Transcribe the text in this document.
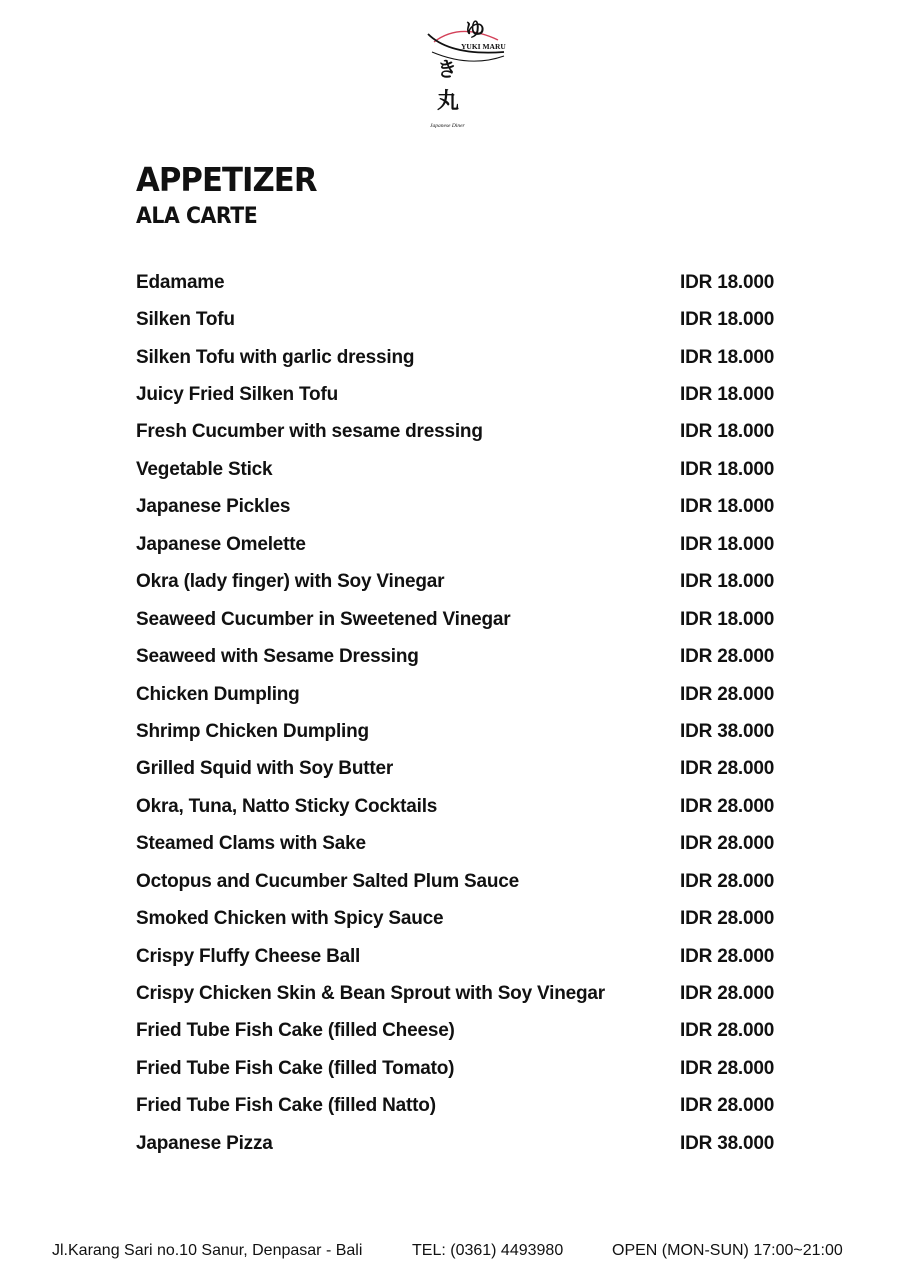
ゆ
YUKI MARU
き
丸
Japanese Diner
APPETIZER
ALA CARTE
Edamame	IDR 18.000
Silken Tofu	IDR 18.000
Silken Tofu with garlic dressing	IDR 18.000
Juicy Fried Silken Tofu	IDR 18.000
Fresh Cucumber with sesame dressing	IDR 18.000
Vegetable Stick	IDR 18.000
Japanese Pickles	IDR 18.000
Japanese Omelette	IDR 18.000
Okra (lady finger) with Soy Vinegar	IDR 18.000
Seaweed Cucumber in Sweetened Vinegar	IDR 18.000
Seaweed with Sesame Dressing	IDR 28.000
Chicken Dumpling	IDR 28.000
Shrimp Chicken Dumpling	IDR 38.000
Grilled Squid with Soy Butter	IDR 28.000
Okra, Tuna, Natto Sticky Cocktails	IDR 28.000
Steamed Clams with Sake	IDR 28.000
Octopus and Cucumber Salted Plum Sauce	IDR 28.000
Smoked Chicken with Spicy Sauce	IDR 28.000
Crispy Fluffy Cheese Ball	IDR 28.000
Crispy Chicken Skin & Bean Sprout with Soy Vinegar	IDR 28.000
Fried Tube Fish Cake (filled Cheese)	IDR 28.000
Fried Tube Fish Cake (filled Tomato)	IDR 28.000
Fried Tube Fish Cake (filled Natto)	IDR 28.000
Japanese Pizza	IDR 38.000
Jl.Karang Sari no.10 Sanur, Denpasar - Bali	TEL: (0361) 4493980	OPEN (MON-SUN) 17:00~21:00
